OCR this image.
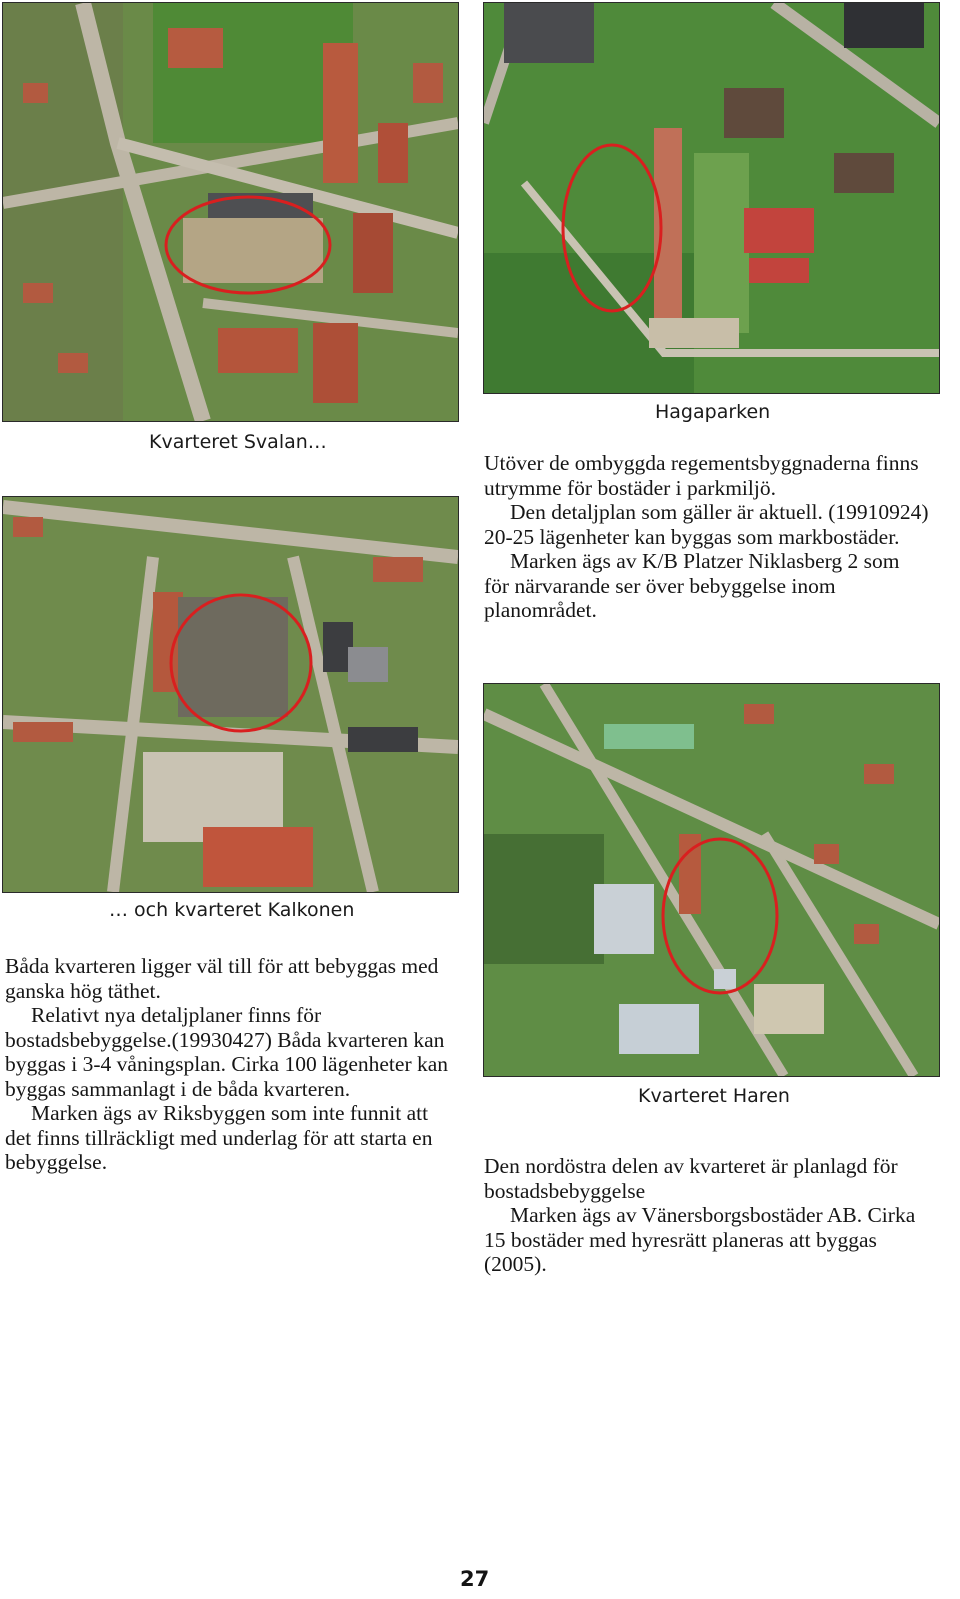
Kvarteret Svalan…
Hagaparken

Utöver de ombyggda regementsbyggnaderna finns utrymme för bostäder i parkmiljö.

Den detaljplan som gäller är aktuell. (19910924) 20-25 lägenheter kan byggas som markbostäder.

Marken ägs av K/B Platzer Niklasberg 2 som för närvarande ser över bebyggelse inom planområdet.

… och kvarteret Kalkonen

Båda kvarteren ligger väl till för att bebyggas med ganska hög täthet.

Relativt nya detaljplaner finns för bostadsbebyggelse.(19930427) Båda kvarteren kan byggas i 3-4 våningsplan. Cirka 100 lägenheter kan byggas sammanlagt i de båda kvarteren.

Marken ägs av Riksbyggen som inte funnit att det finns tillräckligt med underlag för att starta en bebyggelse.

Kvarteret Haren

Den nordöstra delen av kvarteret är planlagd för bostadsbebyggelse

Marken ägs av Vänersborgsbostäder AB. Cirka 15 bostäder med hyresrätt planeras att byggas (2005).

27
